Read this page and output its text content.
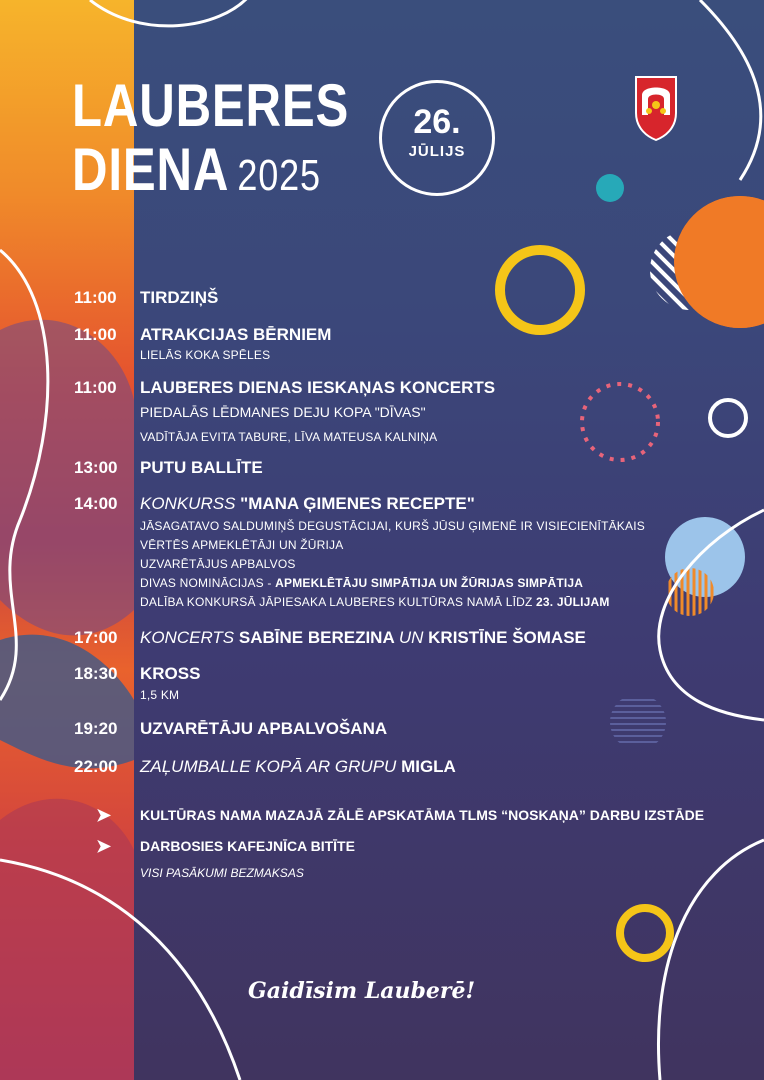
LAUBERES
DIENA 2025
26.
JŪLIJS
11:00	TIRDZIŅŠ
11:00	ATRAKCIJAS BĒRNIEM
LIELĀS KOKA SPĒLES
11:00	LAUBERES DIENAS IESKAŅAS KONCERTS
PIEDALĀS LĒDMANES DEJU KOPA "DĪVAS"
VADĪTĀJA EVITA TABURE, LĪVA MATEUSA KALNIŅA
13:00	PUTU BALLĪTE
14:00	KONKURSS "MANA ĢIMENES RECEPTE"
JĀSAGATAVO SALDUMIŅŠ DEGUSTĀCIJAI, KURŠ JŪSU ĢIMENĒ IR VISIECIENĪTĀKAIS
VĒRTĒS APMEKLĒTĀJI UN ŽŪRIJA
UZVARĒTĀJUS APBALVOS
DIVAS NOMINĀCIJAS - APMEKLĒTĀJU SIMPĀTIJA UN ŽŪRIJAS SIMPĀTIJA
DALĪBA KONKURSĀ JĀPIESAKA LAUBERES KULTŪRAS NAMĀ LĪDZ 23. JŪLIJAM
17:00	KONCERTS SABĪNE BEREZINA UN KRISTĪNE ŠOMASE
18:30	KROSS
1,5 KM
19:20	UZVARĒTĀJU APBALVOŠANA
22:00	ZAĻUMBALLE KOPĀ AR GRUPU MIGLA
➤ KULTŪRAS NAMA MAZAJĀ ZĀLĒ APSKATĀMA TLMS “NOSKAŅA” DARBU IZSTĀDE
➤ DARBOSIES KAFEJNĪCA BITĪTE
VISI PASĀKUMI BEZMAKSAS
Gaidīsim Lauberē!
